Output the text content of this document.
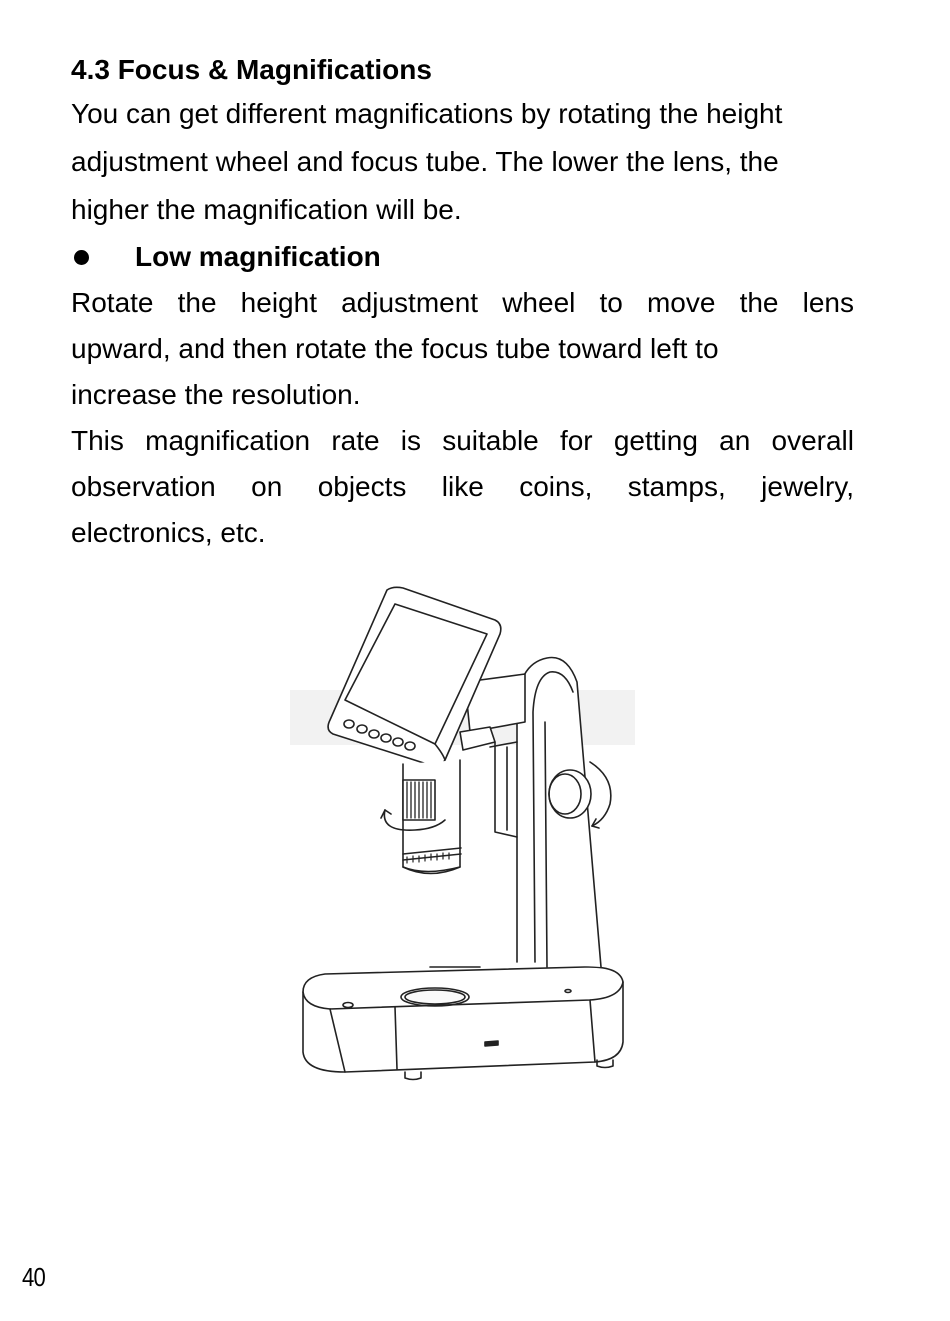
4.3 Focus & Magnifications
You can get different magnifications by rotating the height
adjustment wheel and focus tube. The lower the lens, the
higher the magnification will be.
Low magnification
Rotate the height adjustment wheel to move the lens
upward, and then rotate the focus tube toward left to
increase the resolution.
This magnification rate is suitable for getting an overall
observation on objects like coins, stamps, jewelry,
electronics, etc.
40
